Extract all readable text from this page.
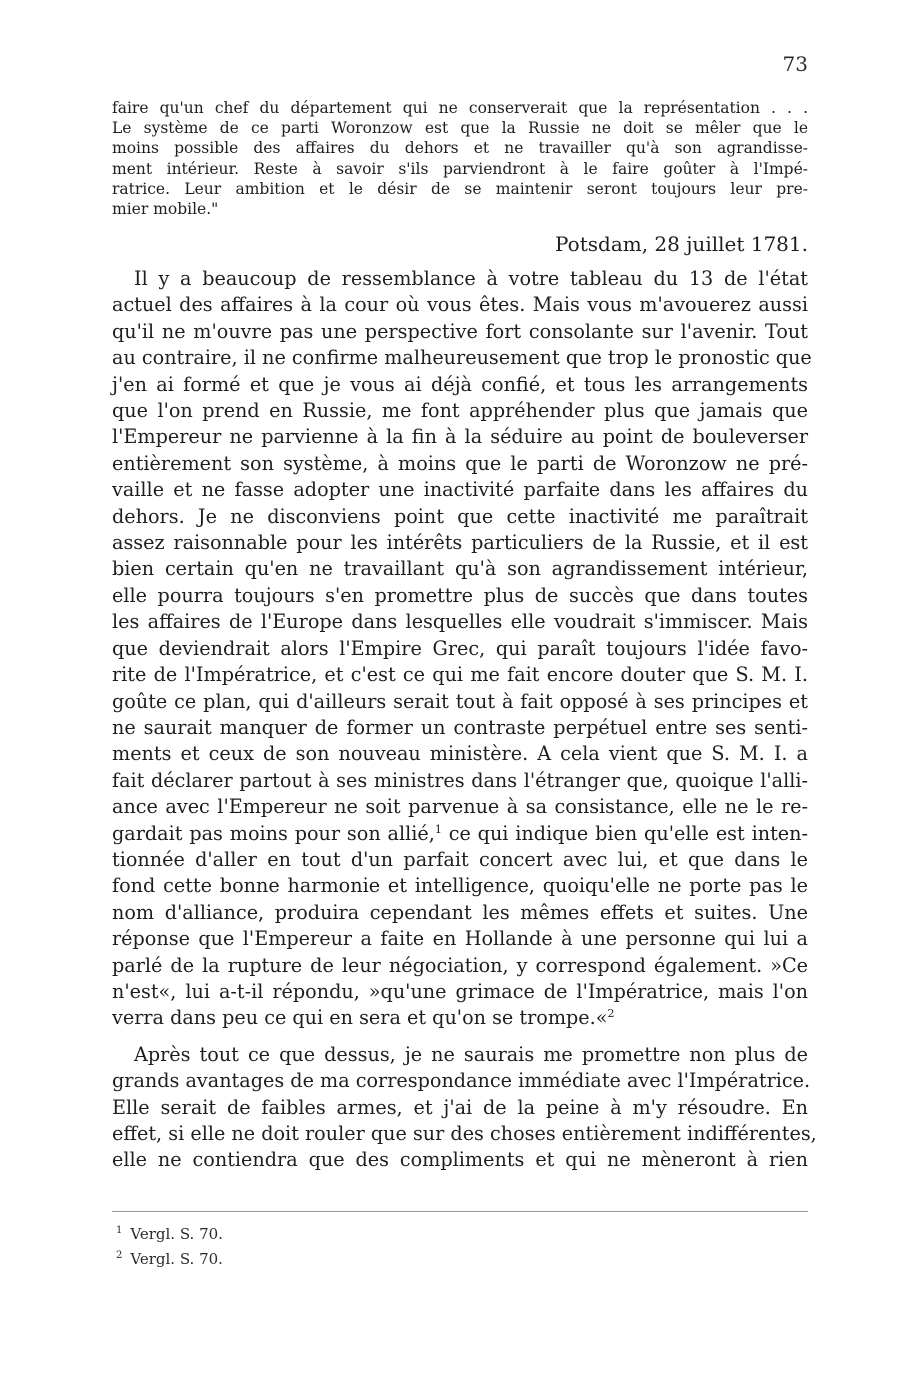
73
faire qu'un chef du département qui ne conserverait que la représentation . . .
Le système de ce parti Woronzow est que la Russie ne doit se mêler que le
moins possible des affaires du dehors et ne travailler qu'à son agrandisse-
ment intérieur. Reste à savoir s'ils parviendront à le faire goûter à l'Impé-
ratrice. Leur ambition et le désir de se maintenir seront toujours leur pre-
mier mobile."
Potsdam, 28 juillet 1781.

Il y a beaucoup de ressemblance à votre tableau du 13 de l'état
actuel des affaires à la cour où vous êtes. Mais vous m'avouerez aussi
qu'il ne m'ouvre pas une perspective fort consolante sur l'avenir. Tout
au contraire, il ne confirme malheureusement que trop le pronostic que
j'en ai formé et que je vous ai déjà confié, et tous les arrangements
que l'on prend en Russie, me font appréhender plus que jamais que
l'Empereur ne parvienne à la fin à la séduire au point de bouleverser
entièrement son système, à moins que le parti de Woronzow ne pré-
vaille et ne fasse adopter une inactivité parfaite dans les affaires du
dehors. Je ne disconviens point que cette inactivité me paraîtrait
assez raisonnable pour les intérêts particuliers de la Russie, et il est
bien certain qu'en ne travaillant qu'à son agrandissement intérieur,
elle pourra toujours s'en promettre plus de succès que dans toutes
les affaires de l'Europe dans lesquelles elle voudrait s'immiscer. Mais
que deviendrait alors l'Empire Grec, qui paraît toujours l'idée favo-
rite de l'Impératrice, et c'est ce qui me fait encore douter que S. M. I.
goûte ce plan, qui d'ailleurs serait tout à fait opposé à ses principes et
ne saurait manquer de former un contraste perpétuel entre ses senti-
ments et ceux de son nouveau ministère. A cela vient que S. M. I. a
fait déclarer partout à ses ministres dans l'étranger que, quoique l'alli-
ance avec l'Empereur ne soit parvenue à sa consistance, elle ne le re-
gardait pas moins pour son allié,$^1$ ce qui indique bien qu'elle est inten-
tionnée d'aller en tout d'un parfait concert avec lui, et que dans le
fond cette bonne harmonie et intelligence, quoiqu'elle ne porte pas le
nom d'alliance, produira cependant les mêmes effets et suites. Une
réponse que l'Empereur a faite en Hollande à une personne qui lui a
parlé de la rupture de leur négociation, y correspond également. »Ce
n'est«, lui a-t-il répondu, »qu'une grimace de l'Impératrice, mais l'on
verra dans peu ce qui en sera et qu'on se trompe.«$^2$

Après tout ce que dessus, je ne saurais me promettre non plus de
grands avantages de ma correspondance immédiate avec l'Impératrice.
Elle serait de faibles armes, et j'ai de la peine à m'y résoudre. En
effet, si elle ne doit rouler que sur des choses entièrement indifférentes,
elle ne contiendra que des compliments et qui ne mèneront à rien

$^1$ Vergl. S. 70.
$^2$ Vergl. S. 70.
